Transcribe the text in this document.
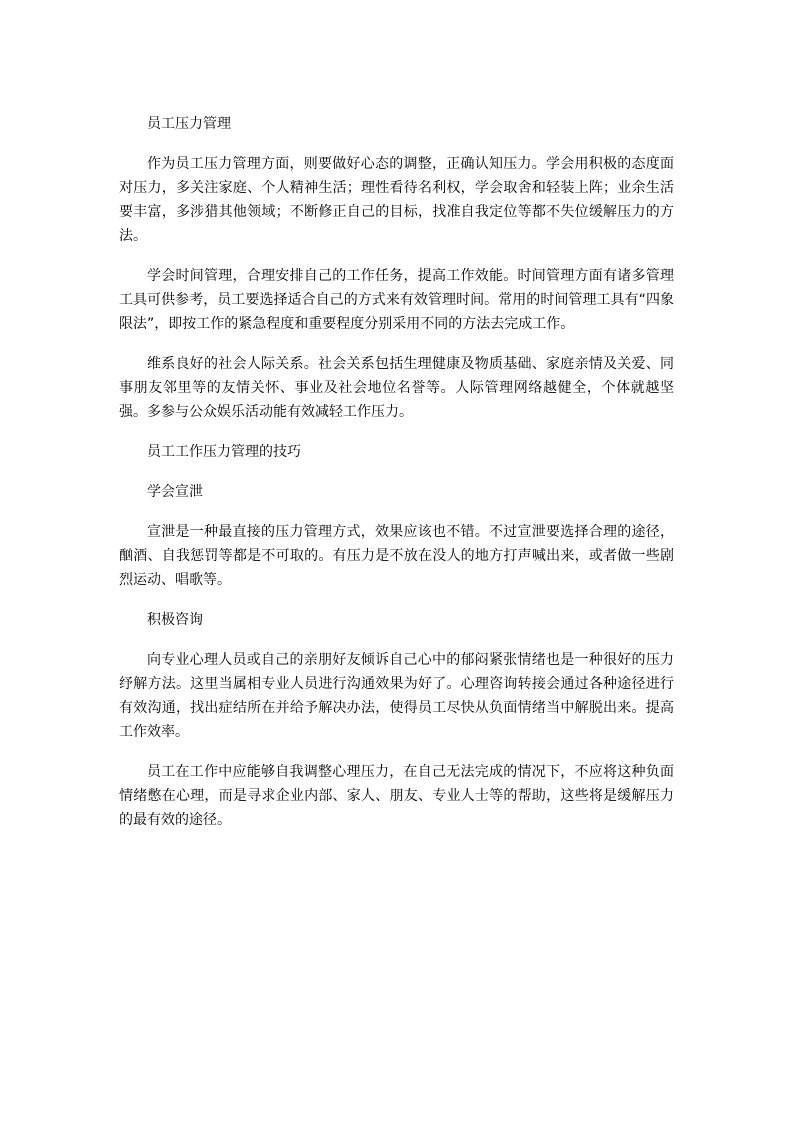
员工压力管理

作为员工压力管理方面，则要做好心态的调整，正确认知压力。学会用积极的态度面对压力，多关注家庭、个人精神生活；理性看待名利权，学会取舍和轻装上阵；业余生活要丰富，多涉猎其他领域；不断修正自己的目标，找准自我定位等都不失位缓解压力的方法。

学会时间管理，合理安排自己的工作任务，提高工作效能。时间管理方面有诸多管理工具可供参考，员工要选择适合自己的方式来有效管理时间。常用的时间管理工具有“四象限法”，即按工作的紧急程度和重要程度分别采用不同的方法去完成工作。

维系良好的社会人际关系。社会关系包括生理健康及物质基础、家庭亲情及关爱、同事朋友邻里等的友情关怀、事业及社会地位名誉等。人际管理网络越健全，个体就越坚强。多参与公众娱乐活动能有效减轻工作压力。

员工工作压力管理的技巧

学会宣泄

宣泄是一种最直接的压力管理方式，效果应该也不错。不过宣泄要选择合理的途径，酗酒、自我惩罚等都是不可取的。有压力是不放在没人的地方打声喊出来，或者做一些剧烈运动、唱歌等。

积极咨询

向专业心理人员或自己的亲朋好友倾诉自己心中的郁闷紧张情绪也是一种很好的压力纾解方法。这里当属相专业人员进行沟通效果为好了。心理咨询转接会通过各种途径进行有效沟通，找出症结所在并给予解决办法，使得员工尽快从负面情绪当中解脱出来。提高工作效率。

员工在工作中应能够自我调整心理压力，在自己无法完成的情况下，不应将这种负面情绪憋在心理，而是寻求企业内部、家人、朋友、专业人士等的帮助，这些将是缓解压力的最有效的途径。
